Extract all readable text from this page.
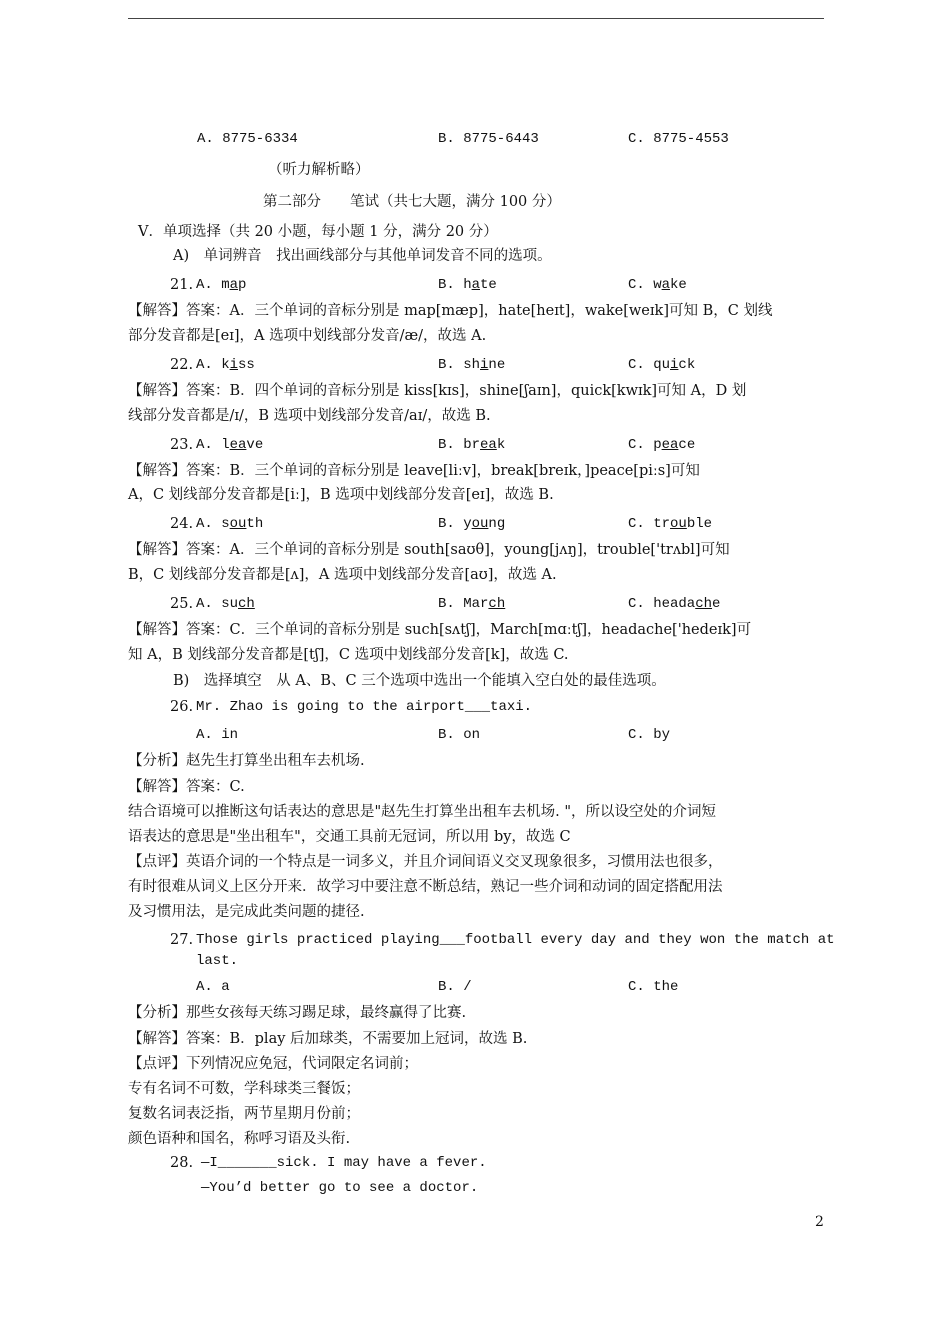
A. 8775-6334	B. 8775-6443	C. 8775-4553
（听力解析略）
第二部分　　笔试（共七大题，满分 100 分）
V．单项选择（共 20 小题，每小题 1 分，满分 20 分）
A)　单词辨音　找出画线部分与其他单词发音不同的选项。
21. A. map	B. hate	C. wake
【解答】答案：A．三个单词的音标分别是 map[mæp]，hate[heɪt]，wake[weɪk]可知 B，C 划线
部分发音都是[eɪ]，A 选项中划线部分发音/æ/，故选 A.
22. A. kiss	B. shine	C. quick
【解答】答案：B．四个单词的音标分别是 kiss[kɪs]，shine[ʃaɪn]，quick[kwɪk]可知 A，D 划
线部分发音都是/ɪ/，B 选项中划线部分发音/aɪ/，故选 B.
23. A. leave	B. break	C. peace
【解答】答案：B．三个单词的音标分别是 leave[liːv]，break[breɪk，]peace[piːs]可知
A，C 划线部分发音都是[iː]，B 选项中划线部分发音[eɪ]，故选 B.
24. A. south	B. young	C. trouble
【解答】答案：A．三个单词的音标分别是 south[saʊθ]，young[jʌŋ]，trouble['trʌbl]可知
B，C 划线部分发音都是[ʌ]，A 选项中划线部分发音[aʊ]，故选 A.
25. A. such	B. March	C. headache
【解答】答案：C．三个单词的音标分别是 such[sʌtʃ]，March[mɑːtʃ]，headache['hedeɪk]可
知 A，B 划线部分发音都是[tʃ]，C 选项中划线部分发音[k]，故选 C.
B)　选择填空　从 A、B、C 三个选项中选出一个能填入空白处的最佳选项。
26. Mr. Zhao is going to the airport___taxi.
A. in	B. on	C. by
【分析】赵先生打算坐出租车去机场.
【解答】答案：C.
结合语境可以推断这句话表达的意思是"赵先生打算坐出租车去机场. "，所以设空处的介词短
语表达的意思是"坐出租车"，交通工具前无冠词，所以用 by，故选 C
【点评】英语介词的一个特点是一词多义，并且介词间语义交叉现象很多，习惯用法也很多，
有时很难从词义上区分开来．故学习中要注意不断总结，熟记一些介词和动词的固定搭配用法
及习惯用法，是完成此类问题的捷径.
27. Those girls practiced playing___football every day and they won the match at
last.
A. a	B. /	C. the
【分析】那些女孩每天练习踢足球，最终赢得了比赛.
【解答】答案：B．play 后加球类，不需要加上冠词，故选 B.
【点评】下列情况应免冠，代词限定名词前；
专有名词不可数，学科球类三餐饭；
复数名词表泛指，两节星期月份前；
颜色语种和国名，称呼习语及头衔.
28. —I_______sick. I may have a fever.
—You’d better go to see a doctor.
2
